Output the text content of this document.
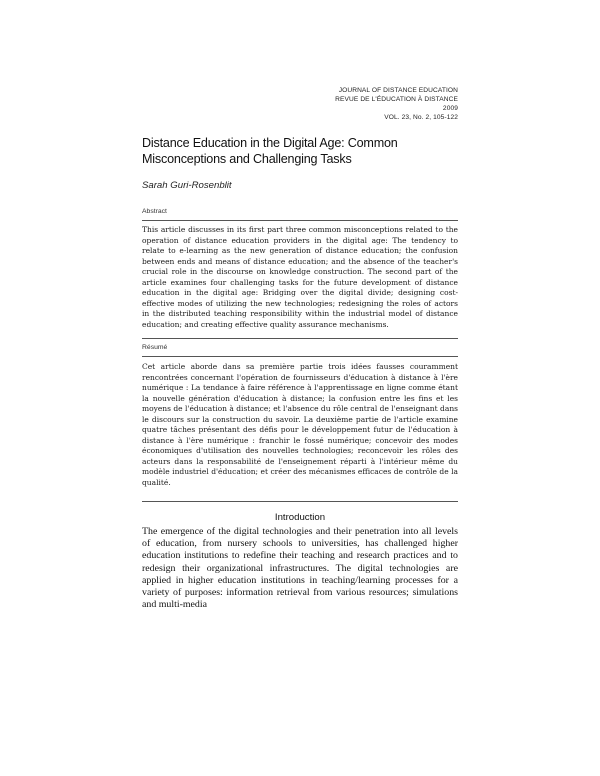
JOURNAL OF DISTANCE EDUCATION
REVUE DE L'ÉDUCATION À DISTANCE
2009
VOL. 23, No. 2, 105-122
Distance Education in the Digital Age: Common Misconceptions and Challenging Tasks
Sarah Guri-Rosenblit
Abstract

This article discusses in its first part three common misconceptions related to the operation of distance education providers in the digital age: The tendency to relate to e-learning as the new generation of distance education; the confusion between ends and means of distance education; and the absence of the teacher's crucial role in the discourse on knowledge construction. The second part of the article examines four challenging tasks for the future development of distance education in the digital age: Bridging over the digital divide; designing cost-effective modes of utilizing the new technologies; redesigning the roles of actors in the distributed teaching responsibility within the industrial model of distance education; and creating effective quality assurance mechanisms.

Résumé

Cet article aborde dans sa première partie trois idées fausses couramment rencontrées concernant l'opération de fournisseurs d'éducation à distance à l'ère numérique : La tendance à faire référence à l'apprentissage en ligne comme étant la nouvelle génération d'éducation à distance; la confusion entre les fins et les moyens de l'éducation à distance; et l'absence du rôle central de l'enseignant dans le discours sur la construction du savoir. La deuxième partie de l'article examine quatre tâches présentant des défis pour le développement futur de l'éducation à distance à l'ère numérique : franchir le fossé numérique; concevoir des modes économiques d'utilisation des nouvelles technologies; reconcevoir les rôles des acteurs dans la responsabilité de l'enseignement réparti à l'intérieur même du modèle industriel d'éducation; et créer des mécanismes efficaces de contrôle de la qualité.

Introduction

The emergence of the digital technologies and their penetration into all levels of education, from nursery schools to universities, has challenged higher education institutions to redefine their teaching and research practices and to redesign their organizational infrastructures. The digital technologies are applied in higher education institutions in teaching/learning processes for a variety of purposes: information retrieval from various resources; simulations and multi-media
